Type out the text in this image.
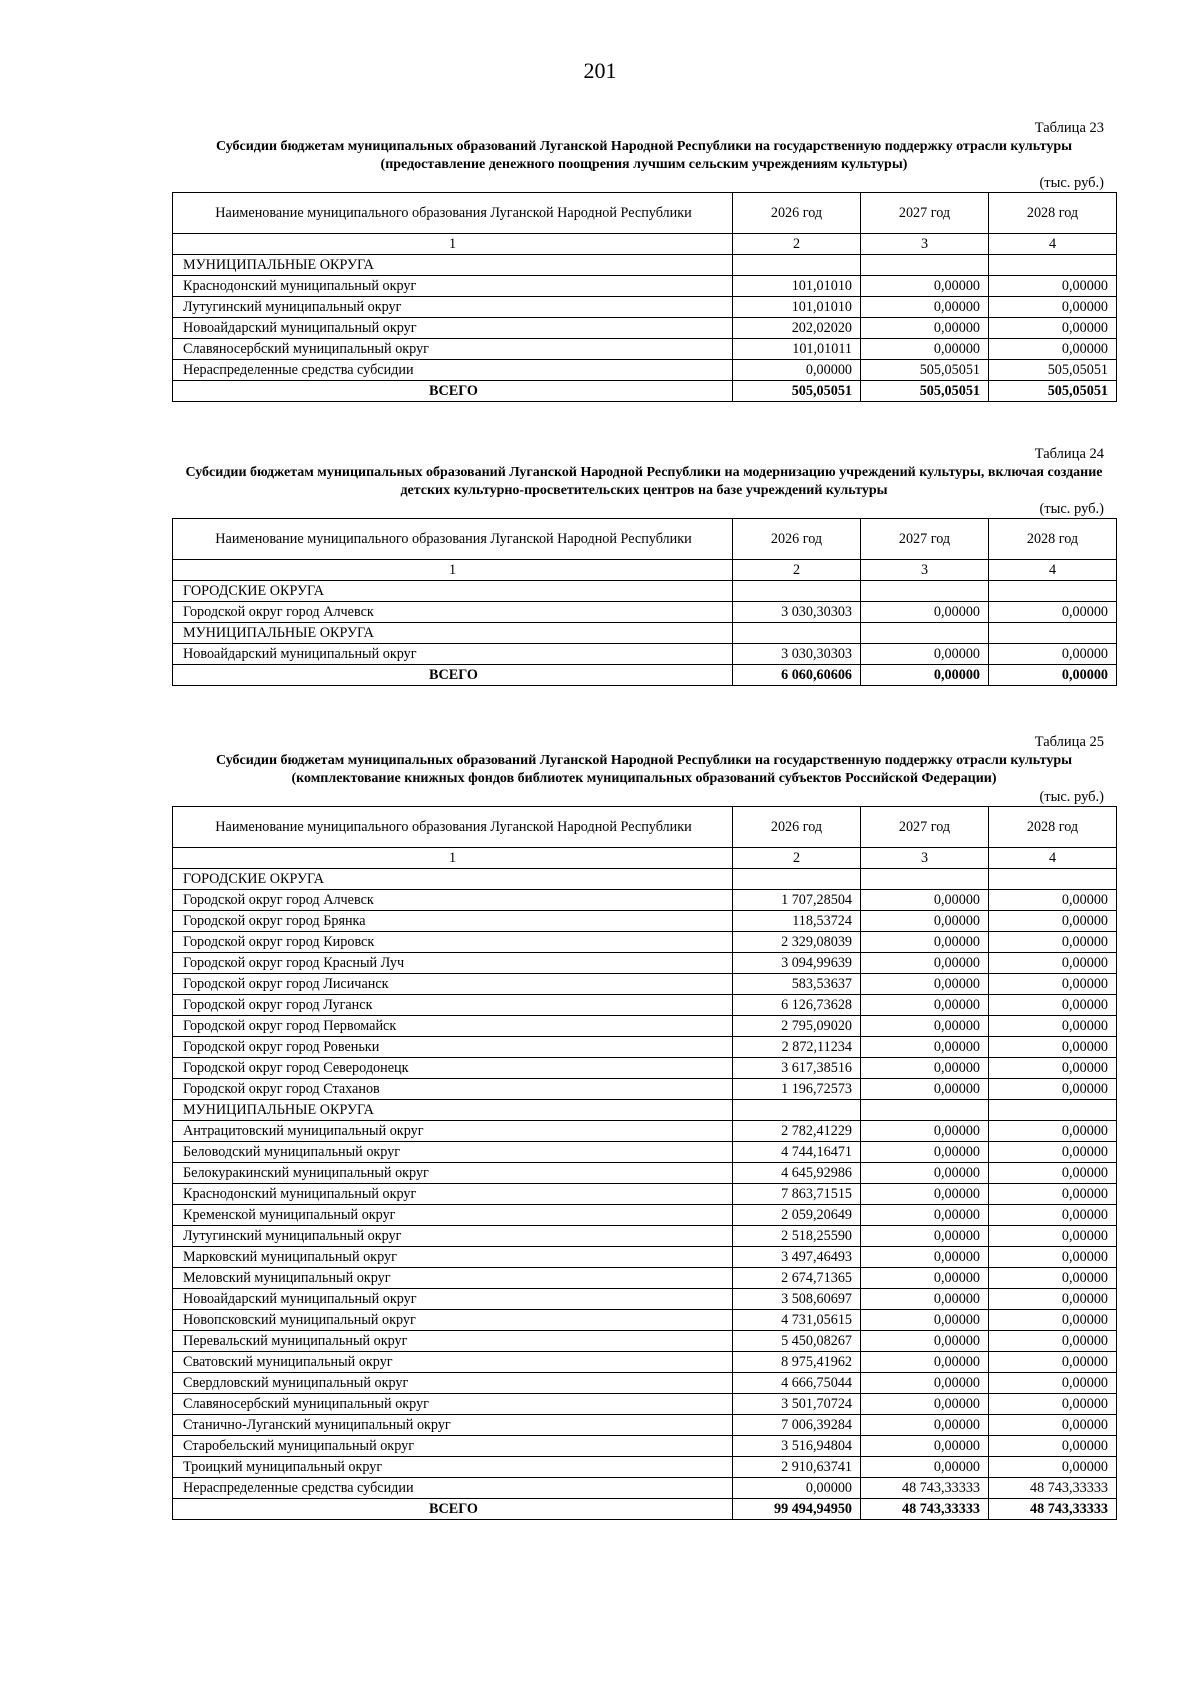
201
Таблица 23
Субсидии бюджетам муниципальных образований Луганской Народной Республики на государственную поддержку отрасли культуры (предоставление денежного поощрения лучшим сельским учреждениям культуры)
(тыс. руб.)
Наименование муниципального образования Луганской Народной Республики	2026 год	2027 год	2028 год
1	2	3	4
МУНИЦИПАЛЬНЫЕ ОКРУГА			
Краснодонский муниципальный округ	101,01010	0,00000	0,00000
Лутугинский муниципальный округ	101,01010	0,00000	0,00000
Новоайдарский муниципальный округ	202,02020	0,00000	0,00000
Славяносербский муниципальный округ	101,01011	0,00000	0,00000
Нераспределенные средства субсидии	0,00000	505,05051	505,05051
ВСЕГО	505,05051	505,05051	505,05051
Таблица 24
Субсидии бюджетам муниципальных образований Луганской Народной Республики на модернизацию учреждений культуры, включая создание детских культурно-просветительских центров на базе учреждений культуры
(тыс. руб.)
Наименование муниципального образования Луганской Народной Республики	2026 год	2027 год	2028 год
1	2	3	4
ГОРОДСКИЕ ОКРУГА			
Городской округ город Алчевск	3 030,30303	0,00000	0,00000
МУНИЦИПАЛЬНЫЕ ОКРУГА			
Новоайдарский муниципальный округ	3 030,30303	0,00000	0,00000
ВСЕГО	6 060,60606	0,00000	0,00000
Таблица 25
Субсидии бюджетам муниципальных образований Луганской Народной Республики на государственную поддержку отрасли культуры (комплектование книжных фондов библиотек муниципальных образований субъектов Российской Федерации)
(тыс. руб.)
Наименование муниципального образования Луганской Народной Республики	2026 год	2027 год	2028 год
1	2	3	4
ГОРОДСКИЕ ОКРУГА			
Городской округ город Алчевск	1 707,28504	0,00000	0,00000
Городской округ город Брянка	118,53724	0,00000	0,00000
Городской округ город Кировск	2 329,08039	0,00000	0,00000
Городской округ город Красный Луч	3 094,99639	0,00000	0,00000
Городской округ город Лисичанск	583,53637	0,00000	0,00000
Городской округ город Луганск	6 126,73628	0,00000	0,00000
Городской округ город Первомайск	2 795,09020	0,00000	0,00000
Городской округ город Ровеньки	2 872,11234	0,00000	0,00000
Городской округ город Северодонецк	3 617,38516	0,00000	0,00000
Городской округ город Стаханов	1 196,72573	0,00000	0,00000
МУНИЦИПАЛЬНЫЕ ОКРУГА			
Антрацитовский муниципальный округ	2 782,41229	0,00000	0,00000
Беловодский муниципальный округ	4 744,16471	0,00000	0,00000
Белокуракинский муниципальный округ	4 645,92986	0,00000	0,00000
Краснодонский муниципальный округ	7 863,71515	0,00000	0,00000
Кременской муниципальный округ	2 059,20649	0,00000	0,00000
Лутугинский муниципальный округ	2 518,25590	0,00000	0,00000
Марковский муниципальный округ	3 497,46493	0,00000	0,00000
Меловский муниципальный округ	2 674,71365	0,00000	0,00000
Новоайдарский муниципальный округ	3 508,60697	0,00000	0,00000
Новопсковский муниципальный округ	4 731,05615	0,00000	0,00000
Перевальский муниципальный округ	5 450,08267	0,00000	0,00000
Сватовский муниципальный округ	8 975,41962	0,00000	0,00000
Свердловский муниципальный округ	4 666,75044	0,00000	0,00000
Славяносербский муниципальный округ	3 501,70724	0,00000	0,00000
Станично-Луганский муниципальный округ	7 006,39284	0,00000	0,00000
Старобельский муниципальный округ	3 516,94804	0,00000	0,00000
Троицкий муниципальный округ	2 910,63741	0,00000	0,00000
Нераспределенные средства субсидии	0,00000	48 743,33333	48 743,33333
ВСЕГО	99 494,94950	48 743,33333	48 743,33333
